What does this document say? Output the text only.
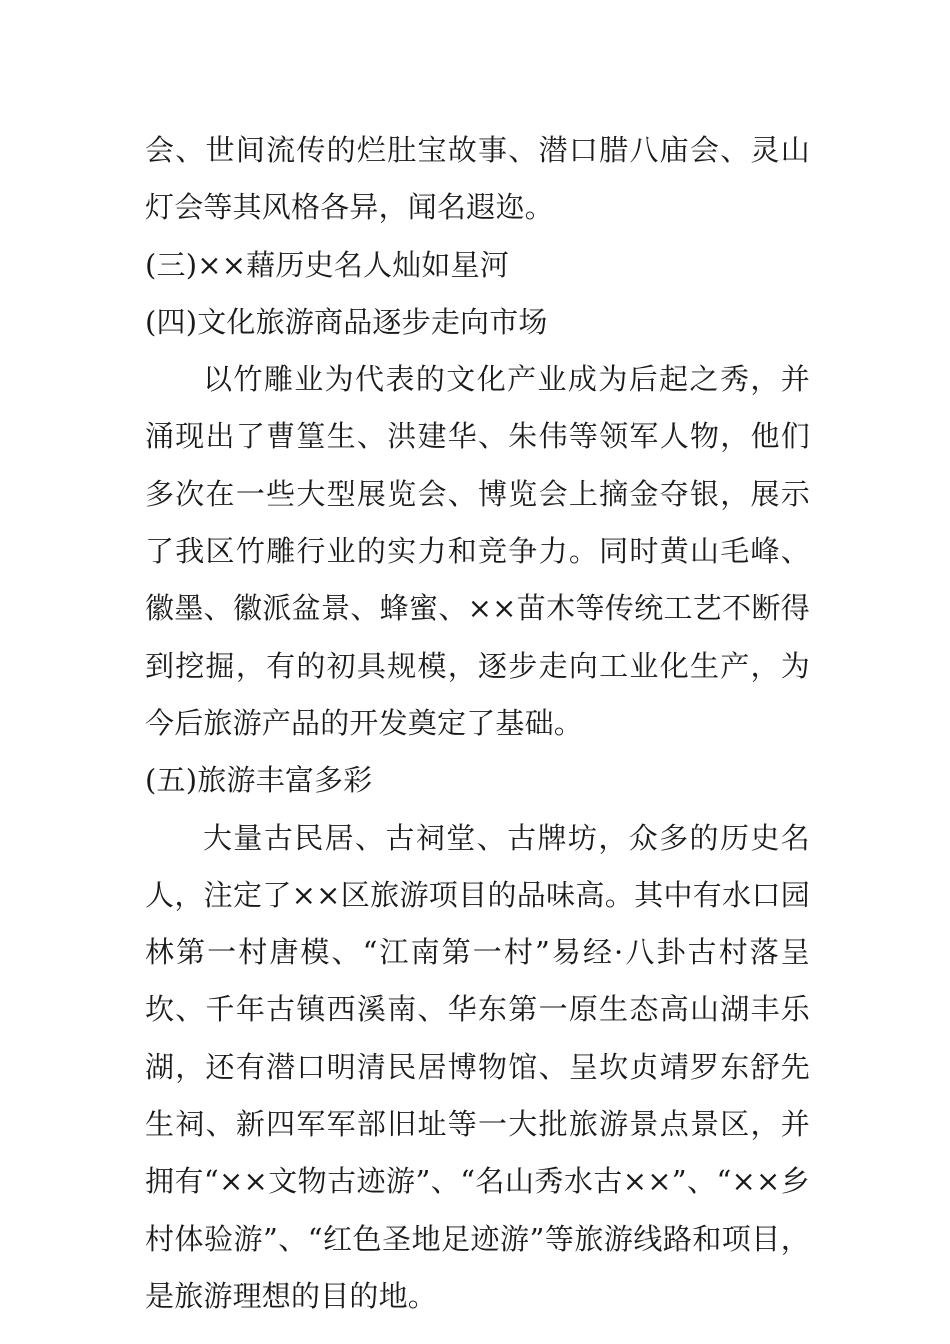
会、世间流传的烂肚宝故事、潜口腊八庙会、灵山灯会等其风格各异，闻名遐迩。

(三)××藉历史名人灿如星河

(四)文化旅游商品逐步走向市场

以竹雕业为代表的文化产业成为后起之秀，并涌现出了曹篁生、洪建华、朱伟等领军人物，他们多次在一些大型展览会、博览会上摘金夺银，展示了我区竹雕行业的实力和竞争力。同时黄山毛峰、徽墨、徽派盆景、蜂蜜、××苗木等传统工艺不断得到挖掘，有的初具规模，逐步走向工业化生产，为今后旅游产品的开发奠定了基础。

(五)旅游丰富多彩

大量古民居、古祠堂、古牌坊，众多的历史名人，注定了××区旅游项目的品味高。其中有水口园林第一村唐模、“江南第一村”易经·八卦古村落呈坎、千年古镇西溪南、华东第一原生态高山湖丰乐湖，还有潜口明清民居博物馆、呈坎贞靖罗东舒先生祠、新四军军部旧址等一大批旅游景点景区，并拥有“××文物古迹游”、“名山秀水古××”、“××乡村体验游”、“红色圣地足迹游”等旅游线路和项目，是旅游理想的目的地。
